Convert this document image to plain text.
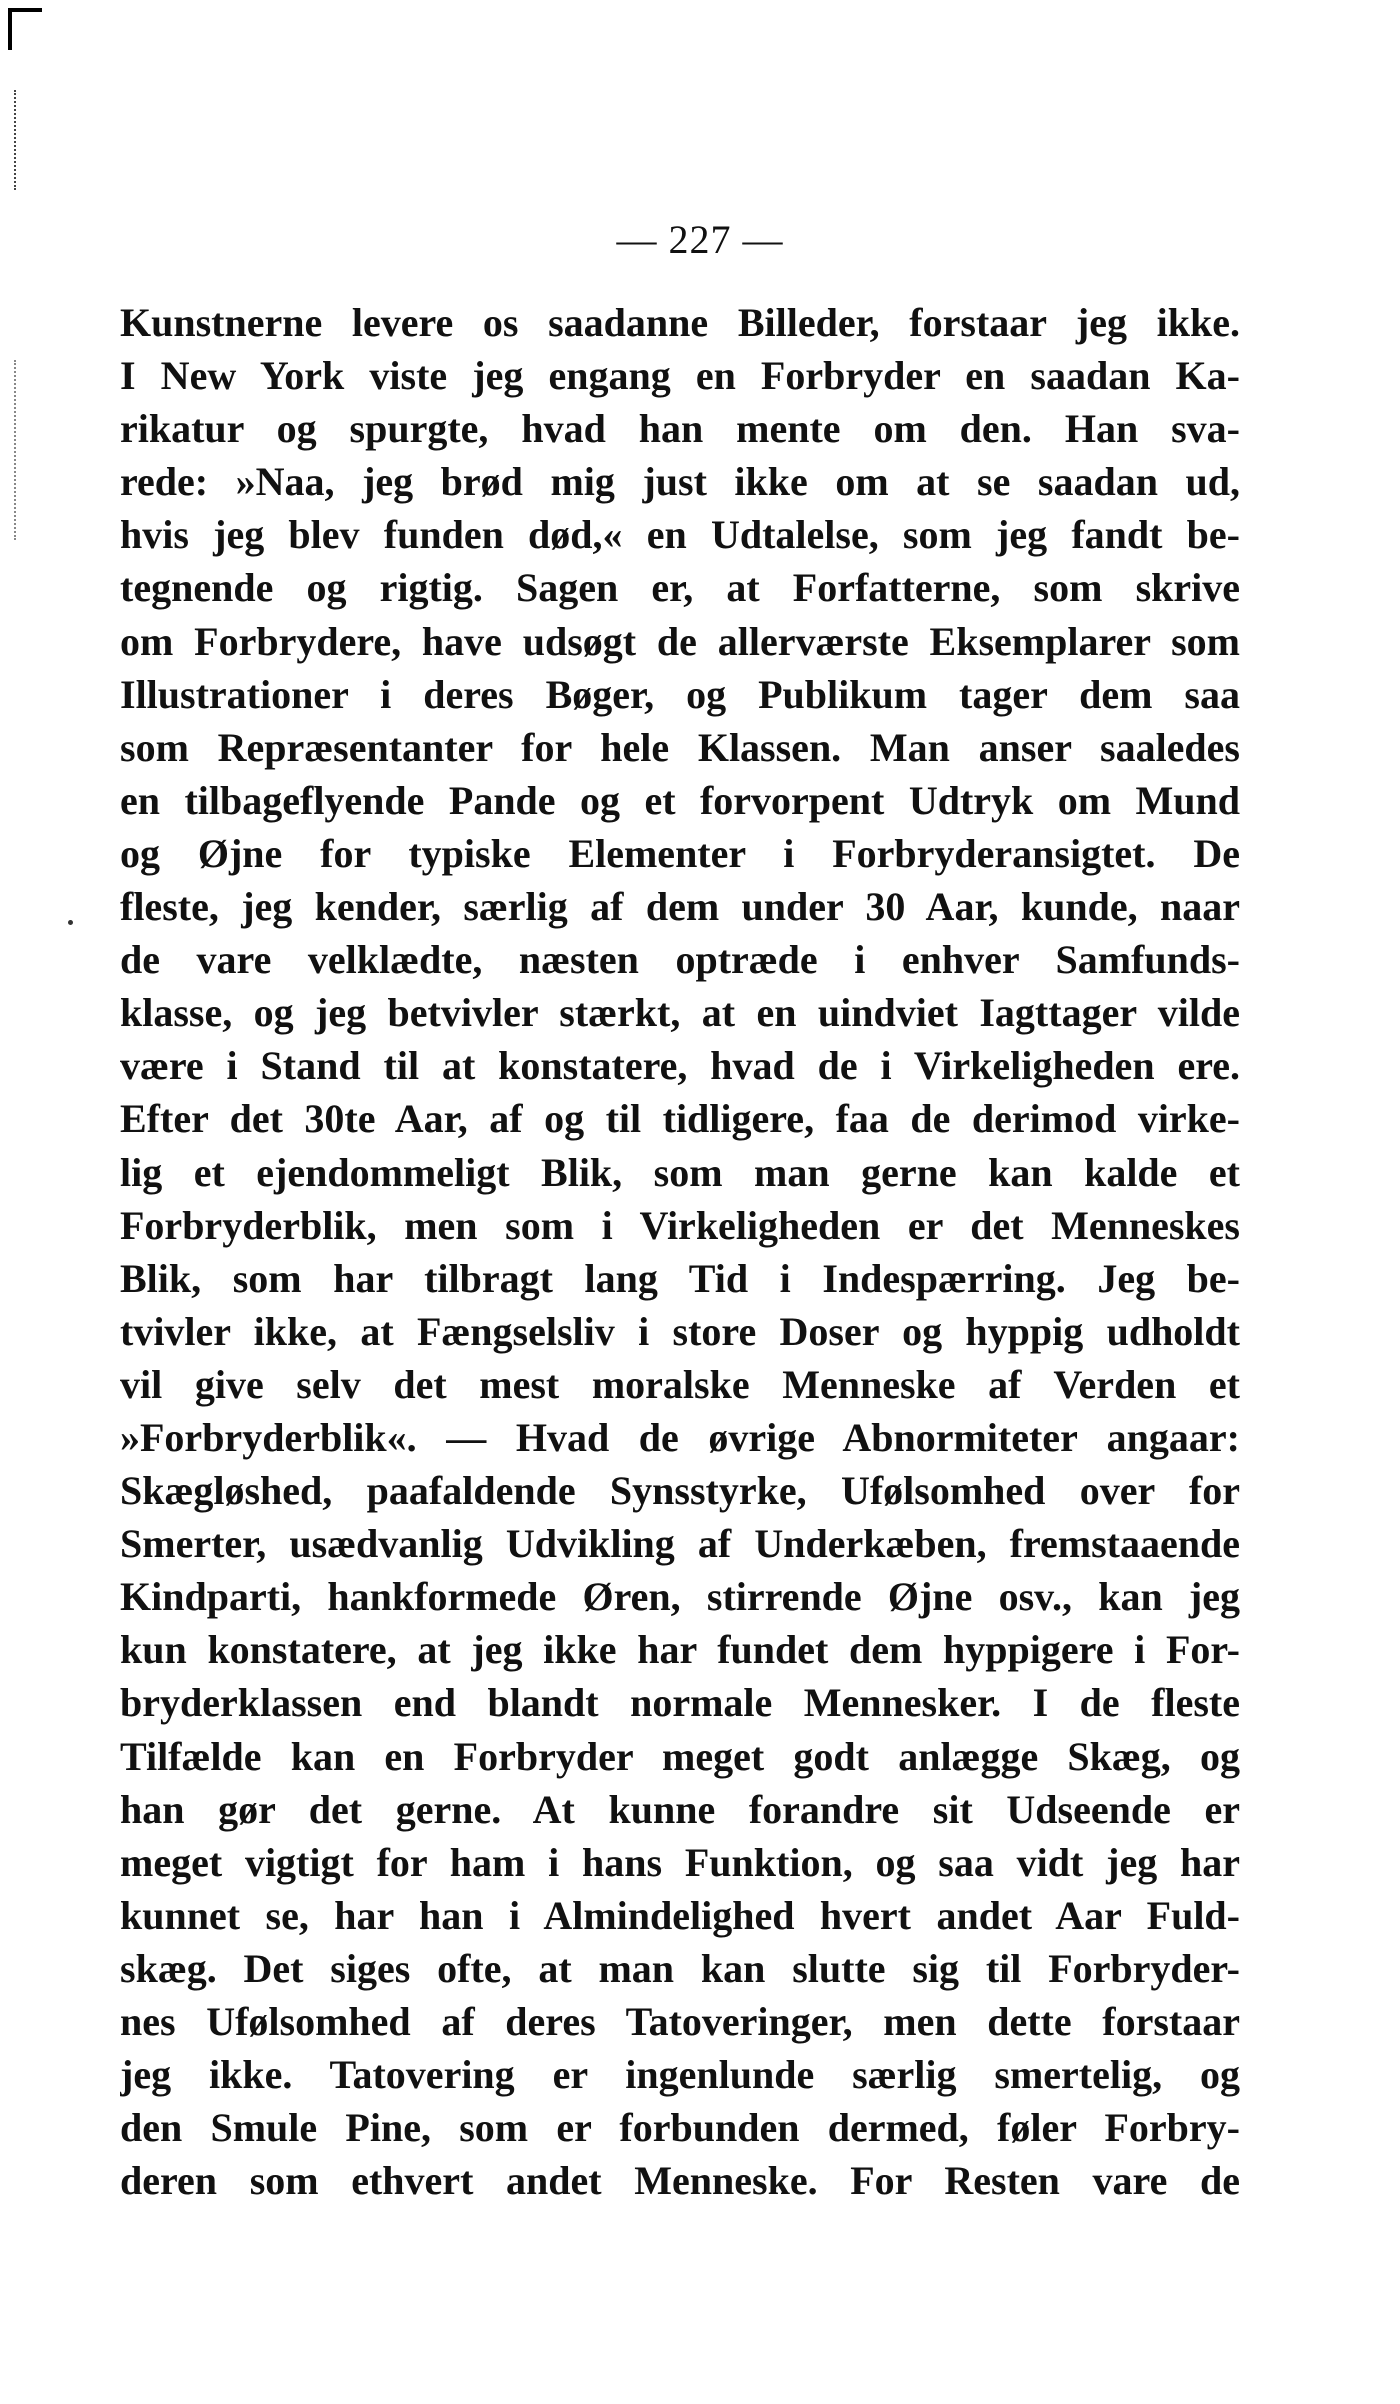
— 227 —
Kunstnerne levere os saadanne Billeder, forstaar jeg ikke.
I New York viste jeg engang en Forbryder en saadan Ka-
rikatur og spurgte, hvad han mente om den. Han sva-
rede: »Naa, jeg brød mig just ikke om at se saadan ud,
hvis jeg blev funden død,« en Udtalelse, som jeg fandt be-
tegnende og rigtig. Sagen er, at Forfatterne, som skrive
om Forbrydere, have udsøgt de allerværste Eksemplarer som
Illustrationer i deres Bøger, og Publikum tager dem saa
som Repræsentanter for hele Klassen. Man anser saaledes
en tilbageflyende Pande og et forvorpent Udtryk om Mund
og Øjne for typiske Elementer i Forbryderansigtet. De
fleste, jeg kender, særlig af dem under 30 Aar, kunde, naar
de vare velklædte, næsten optræde i enhver Samfunds-
klasse, og jeg betvivler stærkt, at en uindviet Iagttager vilde
være i Stand til at konstatere, hvad de i Virkeligheden ere.
Efter det 30te Aar, af og til tidligere, faa de derimod virke-
lig et ejendommeligt Blik, som man gerne kan kalde et
Forbryderblik, men som i Virkeligheden er det Menneskes
Blik, som har tilbragt lang Tid i Indespærring. Jeg be-
tvivler ikke, at Fængselsliv i store Doser og hyppig udholdt
vil give selv det mest moralske Menneske af Verden et
»Forbryderblik«. — Hvad de øvrige Abnormiteter angaar:
Skægløshed, paafaldende Synsstyrke, Ufølsomhed over for
Smerter, usædvanlig Udvikling af Underkæben, fremstaaende
Kindparti, hankformede Øren, stirrende Øjne osv., kan jeg
kun konstatere, at jeg ikke har fundet dem hyppigere i For-
bryderklassen end blandt normale Mennesker. I de fleste
Tilfælde kan en Forbryder meget godt anlægge Skæg, og
han gør det gerne. At kunne forandre sit Udseende er
meget vigtigt for ham i hans Funktion, og saa vidt jeg har
kunnet se, har han i Almindelighed hvert andet Aar Fuld-
skæg. Det siges ofte, at man kan slutte sig til Forbryder-
nes Ufølsomhed af deres Tatoveringer, men dette forstaar
jeg ikke. Tatovering er ingenlunde særlig smertelig, og
den Smule Pine, som er forbunden dermed, føler Forbry-
deren som ethvert andet Menneske. For Resten vare de
